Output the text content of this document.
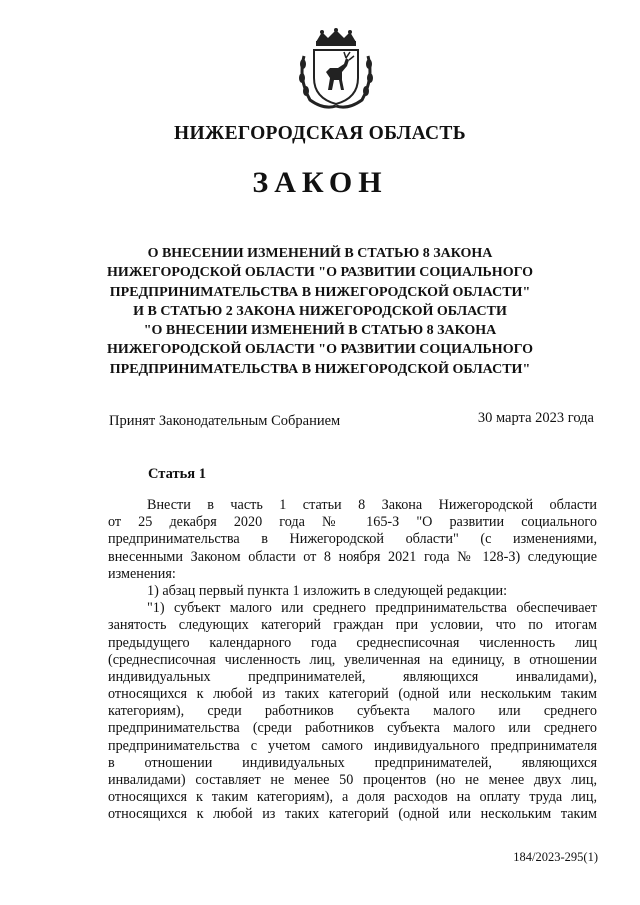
НИЖЕГОРОДСКАЯ ОБЛАСТЬ
ЗАКОН
О ВНЕСЕНИИ ИЗМЕНЕНИЙ В СТАТЬЮ 8 ЗАКОНА
НИЖЕГОРОДСКОЙ ОБЛАСТИ "О РАЗВИТИИ СОЦИАЛЬНОГО
ПРЕДПРИНИМАТЕЛЬСТВА В НИЖЕГОРОДСКОЙ ОБЛАСТИ"
И В СТАТЬЮ 2 ЗАКОНА НИЖЕГОРОДСКОЙ ОБЛАСТИ
"О ВНЕСЕНИИ ИЗМЕНЕНИЙ В СТАТЬЮ 8 ЗАКОНА
НИЖЕГОРОДСКОЙ ОБЛАСТИ "О РАЗВИТИИ СОЦИАЛЬНОГО
ПРЕДПРИНИМАТЕЛЬСТВА В НИЖЕГОРОДСКОЙ ОБЛАСТИ"
Принят Законодательным Собранием	30 марта 2023 года
Статья 1
Внести в часть 1 статьи 8 Закона Нижегородской области
от 25 декабря 2020 года № 165-З "О развитии социального
предпринимательства в Нижегородской области" (с изменениями,
внесенными Законом области от 8 ноября 2021 года № 128-З) следующие
изменения:
1) абзац первый пункта 1 изложить в следующей редакции:
"1) субъект малого или среднего предпринимательства обеспечивает
занятость следующих категорий граждан при условии, что по итогам
предыдущего календарного года среднесписочная численность лиц
(среднесписочная численность лиц, увеличенная на единицу, в отношении
индивидуальных предпринимателей, являющихся инвалидами),
относящихся к любой из таких категорий (одной или нескольким таким
категориям), среди работников субъекта малого или среднего
предпринимательства (среди работников субъекта малого или среднего
предпринимательства с учетом самого индивидуального предпринимателя
в отношении индивидуальных предпринимателей, являющихся
инвалидами) составляет не менее 50 процентов (но не менее двух лиц,
относящихся к таким категориям), а доля расходов на оплату труда лиц,
относящихся к любой из таких категорий (одной или нескольким таким
184/2023-295(1)
